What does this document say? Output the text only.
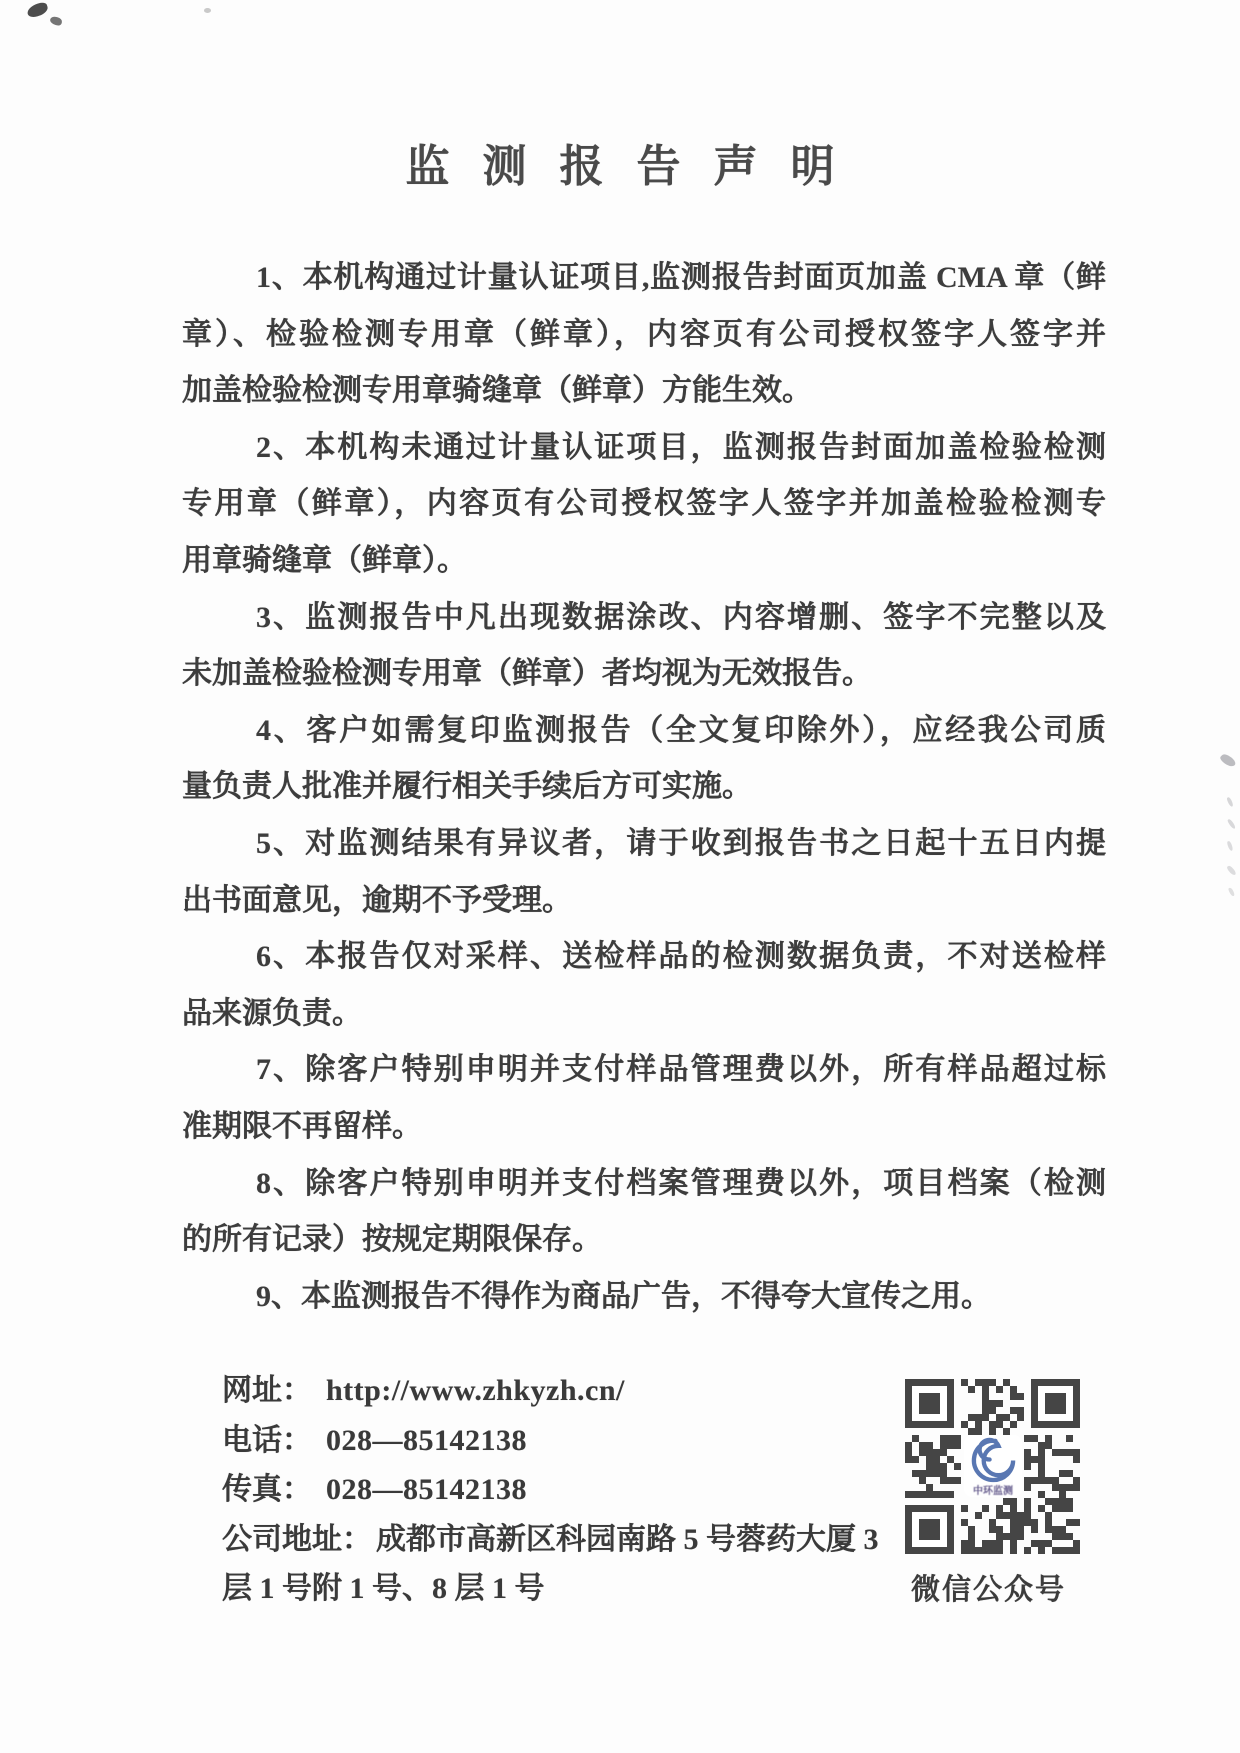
监测报告声明
1、本机构通过计量认证项目,监测报告封面页加盖 CMA 章（鲜
章）、检验检测专用章（鲜章），内容页有公司授权签字人签字并
加盖检验检测专用章骑缝章（鲜章）方能生效。
2、本机构未通过计量认证项目，监测报告封面加盖检验检测
专用章（鲜章），内容页有公司授权签字人签字并加盖检验检测专
用章骑缝章（鲜章）。
3、监测报告中凡出现数据涂改、内容增删、签字不完整以及
未加盖检验检测专用章（鲜章）者均视为无效报告。
4、客户如需复印监测报告（全文复印除外），应经我公司质
量负责人批准并履行相关手续后方可实施。
5、对监测结果有异议者，请于收到报告书之日起十五日内提
出书面意见，逾期不予受理。
6、本报告仅对采样、送检样品的检测数据负责，不对送检样
品来源负责。
7、除客户特别申明并支付样品管理费以外，所有样品超过标
准期限不再留样。
8、除客户特别申明并支付档案管理费以外，项目档案（检测
的所有记录）按规定期限保存。
9、本监测报告不得作为商品广告，不得夸大宣传之用。
网址： http://www.zhkyzh.cn/
电话： 028—85142138
传真： 028—85142138
公司地址： 成都市高新区科园南路 5 号蓉药大厦 3
层 1 号附 1 号、8 层 1 号
中环监测
微信公众号
